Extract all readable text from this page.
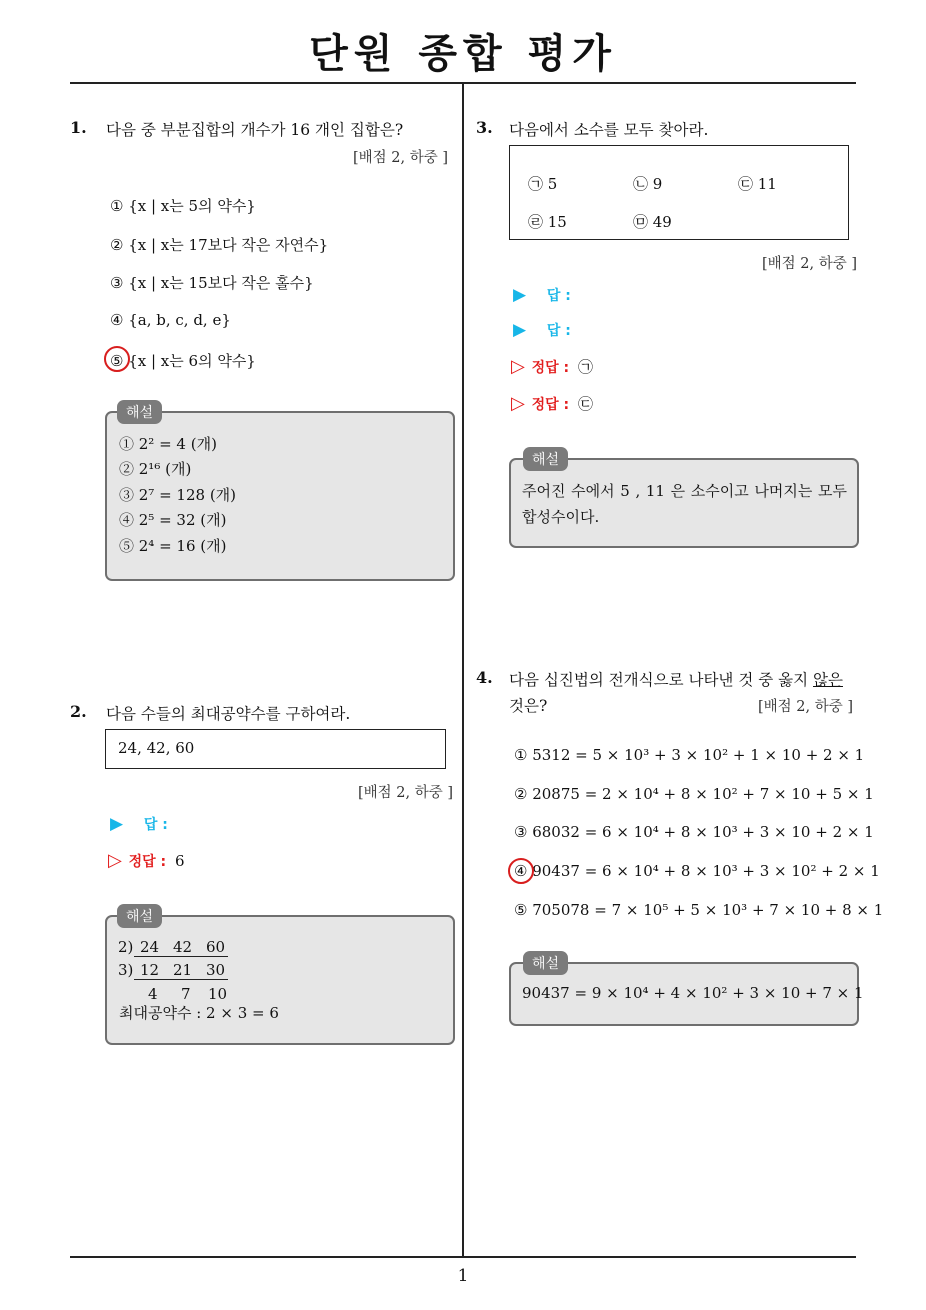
단원 종합 평가
1
1. 다음 중 부분집합의 개수가 16 개인 집합은?
[배점 2, 하중 ]
① {x | x는 5의 약수}
② {x | x는 17보다 작은 자연수}
③ {x | x는 15보다 작은 홀수}
④ {a, b, c, d, e}
⑤ {x | x는 6의 약수}
해설
① 2² = 4 (개)
② 2¹⁶ (개)
③ 2⁷ = 128 (개)
④ 2⁵ = 32 (개)
⑤ 2⁴ = 16 (개)
2. 다음 수들의 최대공약수를 구하여라.
24, 42, 60
[배점 2, 하중 ]
▶ 답 :
▷ 정답 : 6
해설
2) 24 42 60
3) 12 21 30
4 7 10
최대공약수 : 2 × 3 = 6
3. 다음에서 소수를 모두 찾아라.
㉠ 5	㉡ 9	㉢ 11
㉣ 15	㉤ 49
[배점 2, 하중 ]
▶ 답 :
▶ 답 :
▷ 정답 : ㉠
▷ 정답 : ㉢
해설
주어진 수에서 5 , 11 은 소수이고 나머지는 모두 합성수이다.
4. 다음 십진법의 전개식으로 나타낸 것 중 옳지 않은
것은?	[배점 2, 하중 ]
① 5312 = 5 × 10³ + 3 × 10² + 1 × 10 + 2 × 1
② 20875 = 2 × 10⁴ + 8 × 10² + 7 × 10 + 5 × 1
③ 68032 = 6 × 10⁴ + 8 × 10³ + 3 × 10 + 2 × 1
④ 90437 = 6 × 10⁴ + 8 × 10³ + 3 × 10² + 2 × 1
⑤ 705078 = 7 × 10⁵ + 5 × 10³ + 7 × 10 + 8 × 1
해설
90437 = 9 × 10⁴ + 4 × 10² + 3 × 10 + 7 × 1
